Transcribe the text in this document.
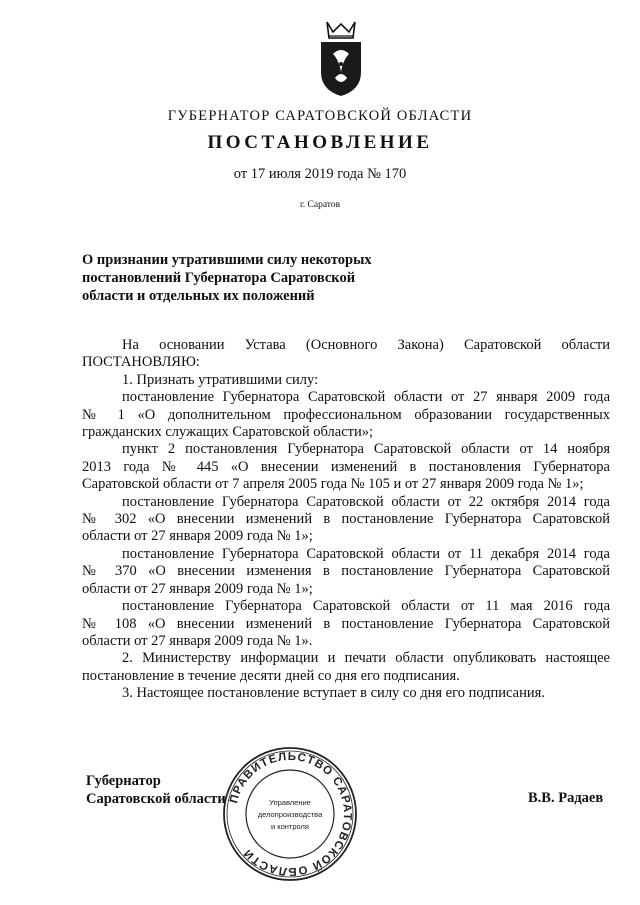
ГУБЕРНАТОР САРАТОВСКОЙ ОБЛАСТИ
ПОСТАНОВЛЕНИЕ
от 17 июля 2019 года № 170
г. Саратов
О признании утратившими силу некоторых
постановлений Губернатора Саратовской
области и отдельных их положений
На основании Устава (Основного Закона) Саратовской области
ПОСТАНОВЛЯЮ:
1. Признать утратившими силу:
постановление Губернатора Саратовской области от 27 января 2009 года
№ 1 «О дополнительном профессиональном образовании государственных
гражданских служащих Саратовской области»;
пункт 2 постановления Губернатора Саратовской области от 14 ноября
2013 года № 445 «О внесении изменений в постановления Губернатора
Саратовской области от 7 апреля 2005 года № 105 и от 27 января 2009 года № 1»;
постановление Губернатора Саратовской области от 22 октября 2014 года
№ 302 «О внесении изменений в постановление Губернатора Саратовской
области от 27 января 2009 года № 1»;
постановление Губернатора Саратовской области от 11 декабря 2014 года
№ 370 «О внесении изменения в постановление Губернатора Саратовской
области от 27 января 2009 года № 1»;
постановление Губернатора Саратовской области от 11 мая 2016 года
№ 108 «О внесении изменений в постановление Губернатора Саратовской
области от 27 января 2009 года № 1».
2. Министерству информации и печати области опубликовать настоящее
постановление в течение десяти дней со дня его подписания.
3. Настоящее постановление вступает в силу со дня его подписания.
Губернатор
Саратовской области	В.В. Радаев
ПРАВИТЕЛЬСТВО САРАТОВСКОЙ ОБЛАСТИ
Управление
делопроизводства
и контроля
